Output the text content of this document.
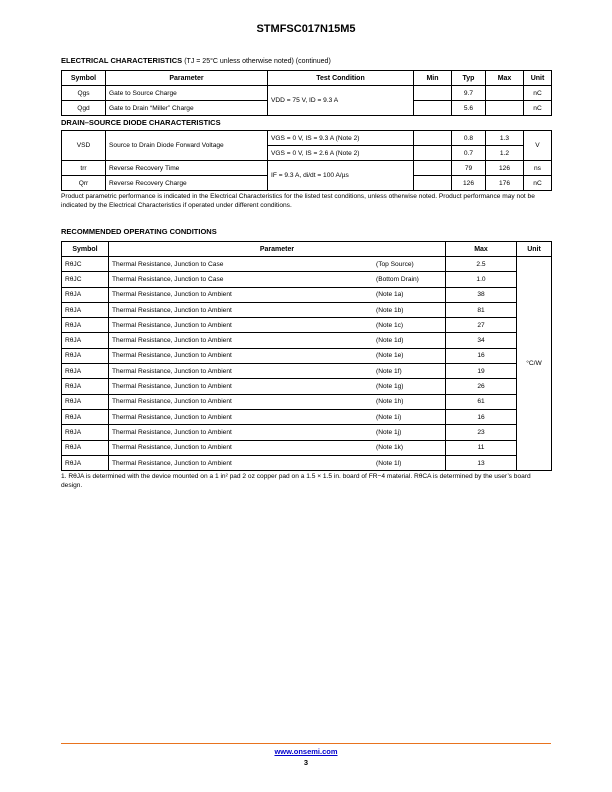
STMFSC017N15M5
ELECTRICAL CHARACTERISTICS (TJ = 25°C unless otherwise noted) (continued)
Symbol	Parameter	Test Condition	Min	Typ	Max	Unit
Qgs	Gate to Source Charge	VDD = 75 V, ID = 9.3 A		9.7		nC
Qgd	Gate to Drain “Miller” Charge			5.6		nC
DRAIN–SOURCE DIODE CHARACTERISTICS
VSD	Source to Drain Diode Forward Voltage	VGS = 0 V, IS = 9.3 A (Note 2)		0.8	1.3	V
		VGS = 0 V, IS = 2.6 A (Note 2)		0.7	1.2	
trr	Reverse Recovery Time	IF = 9.3 A, di/dt = 100 A/µs		79	126	ns
Qrr	Reverse Recovery Charge			126	176	nC
Product parametric performance is indicated in the Electrical Characteristics for the listed test conditions, unless otherwise noted. Product performance may not be indicated by the Electrical Characteristics if operated under different conditions.
RECOMMENDED OPERATING CONDITIONS
Symbol	Parameter		Max	Unit
RθJC	Thermal Resistance, Junction to Case	(Top Source)	2.5	°C/W
RθJC	Thermal Resistance, Junction to Case	(Bottom Drain)	1.0	
RθJA	Thermal Resistance, Junction to Ambient	(Note 1a)	38	
RθJA	Thermal Resistance, Junction to Ambient	(Note 1b)	81	
RθJA	Thermal Resistance, Junction to Ambient	(Note 1c)	27	
RθJA	Thermal Resistance, Junction to Ambient	(Note 1d)	34	
RθJA	Thermal Resistance, Junction to Ambient	(Note 1e)	16	
RθJA	Thermal Resistance, Junction to Ambient	(Note 1f)	19	
RθJA	Thermal Resistance, Junction to Ambient	(Note 1g)	26	
RθJA	Thermal Resistance, Junction to Ambient	(Note 1h)	61	
RθJA	Thermal Resistance, Junction to Ambient	(Note 1i)	16	
RθJA	Thermal Resistance, Junction to Ambient	(Note 1j)	23	
RθJA	Thermal Resistance, Junction to Ambient	(Note 1k)	11	
RθJA	Thermal Resistance, Junction to Ambient	(Note 1l)	13	
1. RθJA is determined with the device mounted on a 1 in² pad 2 oz copper pad on a 1.5 × 1.5 in. board of FR−4 material. RθCA is determined by the user’s board design.
www.onsemi.com
3
